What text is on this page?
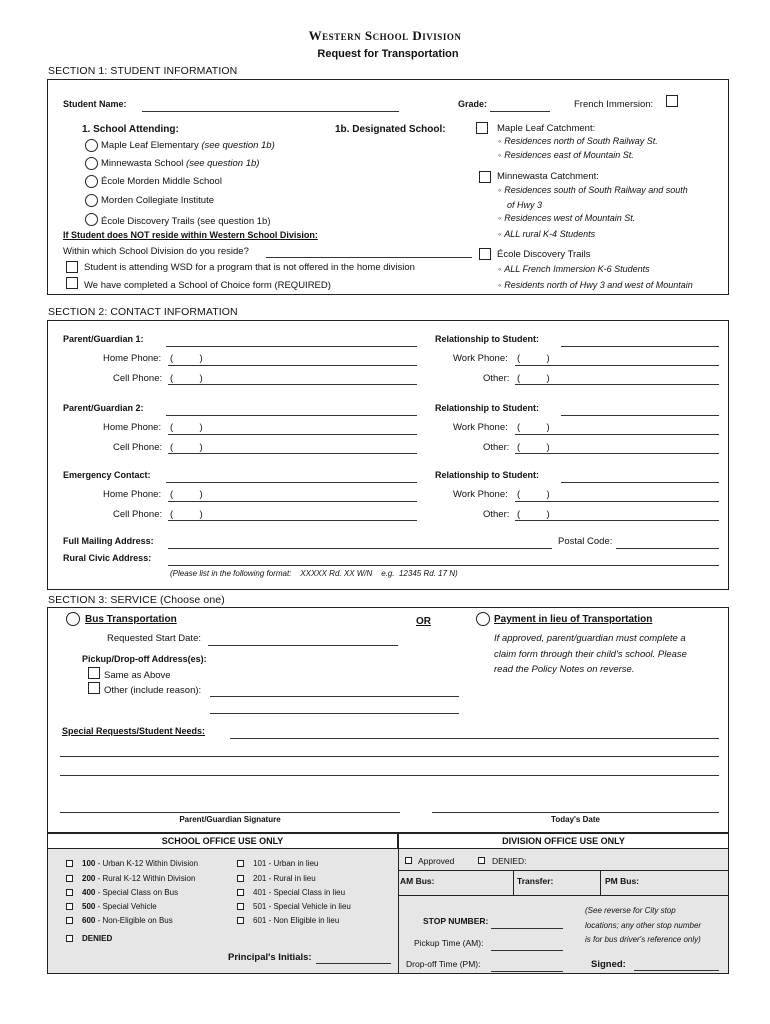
Western School Division
Request for Transportation
SECTION 1: STUDENT INFORMATION
Student Name:	Grade:	French Immersion:
1. School Attending:
Maple Leaf Elementary (see question 1b)
Minnewasta School (see question 1b)
École Morden Middle School
Morden Collegiate Institute
École Discovery Trails (see question 1b)
If Student does NOT reside within Western School Division:
Within which School Division do you reside?
Student is attending WSD for a program that is not offered in the home division
We have completed a School of Choice form (REQUIRED)
1b. Designated School:	Maple Leaf Catchment:
◦ Residences north of South Railway St.
◦ Residences east of Mountain St.
Minnewasta Catchment:
◦ Residences south of South Railway and south
of Hwy 3
◦ Residences west of Mountain St.
◦ ALL rural K-4 Students
École Discovery Trails
◦ ALL French Immersion K-6 Students
◦ Residents north of Hwy 3 and west of Mountain
SECTION 2: CONTACT INFORMATION
Parent/Guardian 1:	Relationship to Student:
Home Phone: (          )	Work Phone: (          )
Cell Phone: (          )	Other: (          )
Parent/Guardian 2:	Relationship to Student:
Home Phone: (          )	Work Phone: (          )
Cell Phone: (          )	Other: (          )
Emergency Contact:	Relationship to Student:
Home Phone: (          )	Work Phone: (          )
Cell Phone: (          )	Other: (          )
Full Mailing Address:	Postal Code:
Rural Civic Address:
(Please list in the following format:    XXXXX Rd. XX W/N    e.g.  12345 Rd. 17 N)
SECTION 3: SERVICE (Choose one)
Bus Transportation	OR	Payment in lieu of Transportation
If approved, parent/guardian must complete a
claim form through their child's school. Please
read the Policy Notes on reverse.
Requested Start Date:
Pickup/Drop-off Address(es):
Same as Above
Other (include reason):
Special Requests/Student Needs:
Parent/Guardian Signature	Today's Date
SCHOOL OFFICE USE ONLY	DIVISION OFFICE USE ONLY
100 - Urban K-12 Within Division
200 - Rural K-12 Within Division
400 - Special Class on Bus
500 - Special Vehicle
600 - Non-Eligible on Bus
DENIED
101 - Urban in lieu
201 - Rural in lieu
401 - Special Class in lieu
501 - Special Vehicle in lieu
601 - Non Eligible in lieu
Principal's Initials:
Approved	DENIED:
AM Bus:	Transfer:	PM Bus:
STOP NUMBER:
Pickup Time (AM):
Drop-off Time (PM):
(See reverse for City stop
locations; any other stop number
is for bus driver's reference only)
Signed:
